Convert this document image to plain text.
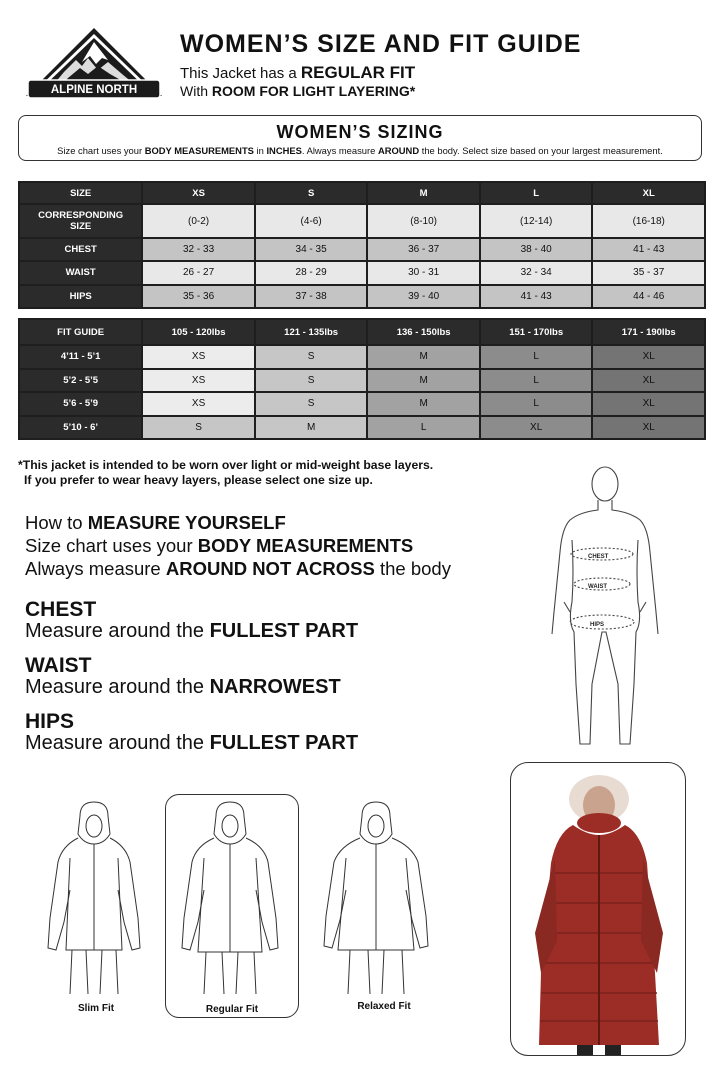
ALPINE NORTH
WOMEN’S SIZE AND FIT GUIDE
This Jacket has a REGULAR FIT
With ROOM FOR LIGHT LAYERING*
WOMEN’S SIZING
Size chart uses your BODY MEASUREMENTS in INCHES. Always measure AROUND the body. Select size based on your largest measurement.
SIZE	XS	S	M	L	XL
CORRESPONDING
SIZE	(0-2)	(4-6)	(8-10)	(12-14)	(16-18)
CHEST	32 - 33	34 - 35	36 - 37	38 - 40	41 - 43
WAIST	26 - 27	28 - 29	30 - 31	32 - 34	35 - 37
HIPS	35 - 36	37 - 38	39 - 40	41 - 43	44 - 46
FIT GUIDE	105 - 120lbs	121 - 135lbs	136 - 150lbs	151 - 170lbs	171 - 190lbs
4’11 - 5’1	XS	S	M	L	XL
5’2 - 5’5	XS	S	M	L	XL
5’6 - 5’9	XS	S	M	L	XL
5’10 - 6’	S	M	L	XL	XL
*This jacket is intended to be worn over light or mid-weight base layers.
If you prefer to wear heavy layers, please select one size up.
How to MEASURE YOURSELF
Size chart uses your BODY MEASUREMENTS
Always measure AROUND NOT ACROSS the body
CHEST
Measure around the FULLEST PART
WAIST
Measure around the NARROWEST
HIPS
Measure around the FULLEST PART
CHEST
WAIST
HIPS
Slim Fit	Regular Fit	Relaxed Fit
